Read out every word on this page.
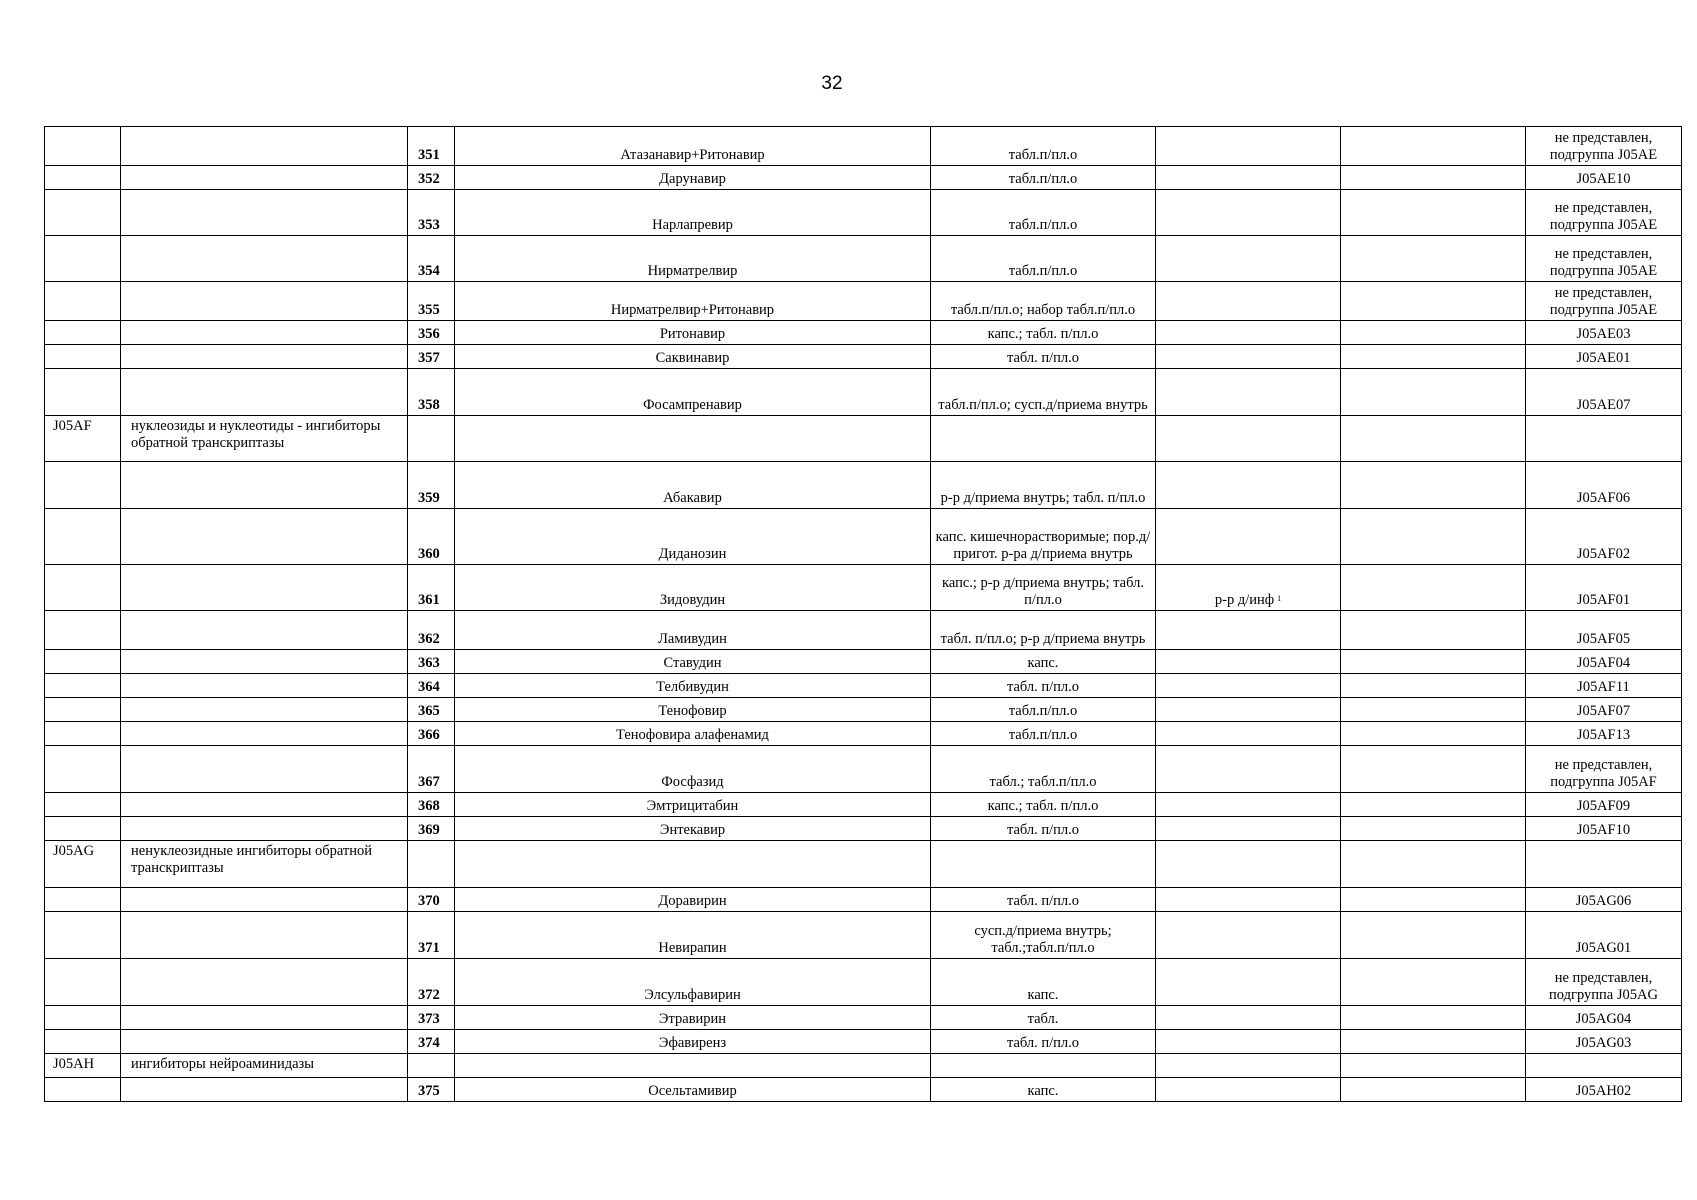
32
		351	Атазанавир+Ритонавир	табл.п/пл.о			не представлен, подгруппа J05AE
		352	Дарунавир	табл.п/пл.о			J05AE10
		353	Нарлапревир	табл.п/пл.о			не представлен, подгруппа J05AE
		354	Нирматрелвир	табл.п/пл.о			не представлен, подгруппа J05AE
		355	Нирматрелвир+Ритонавир	табл.п/пл.о; набор табл.п/пл.о			не представлен, подгруппа J05AE
		356	Ритонавир	капс.; табл. п/пл.о			J05AE03
		357	Саквинавир	табл. п/пл.о			J05AE01
		358	Фосампренавир	табл.п/пл.о; сусп.д/приема внутрь			J05AE07
J05AF	нуклеозиды и нуклеотиды - ингибиторы обратной транскриптазы						
		359	Абакавир	р-р д/приема внутрь; табл. п/пл.о			J05AF06
		360	Диданозин	капс. кишечнорастворимые; пор.д/пригот. р-ра д/приема внутрь			J05AF02
		361	Зидовудин	капс.; р-р д/приема внутрь; табл. п/пл.о	р-р д/инф $^1$		J05AF01
		362	Ламивудин	табл. п/пл.о; р-р д/приема внутрь			J05AF05
		363	Ставудин	капс.			J05AF04
		364	Телбивудин	табл. п/пл.о			J05AF11
		365	Тенофовир	табл.п/пл.о			J05AF07
		366	Тенофовира алафенамид	табл.п/пл.о			J05AF13
		367	Фосфазид	табл.; табл.п/пл.о			не представлен, подгруппа J05AF
		368	Эмтрицитабин	капс.; табл. п/пл.о			J05AF09
		369	Энтекавир	табл. п/пл.о			J05AF10
J05AG	ненуклеозидные ингибиторы обратной транскриптазы						
		370	Доравирин	табл. п/пл.о			J05AG06
		371	Невирапин	сусп.д/приема внутрь; табл.;табл.п/пл.о			J05AG01
		372	Элсульфавирин	капс.			не представлен, подгруппа J05AG
		373	Этравирин	табл.			J05AG04
		374	Эфавиренз	табл. п/пл.о			J05AG03
J05AH	ингибиторы нейроаминидазы						
		375	Осельтамивир	капс.			J05AH02
